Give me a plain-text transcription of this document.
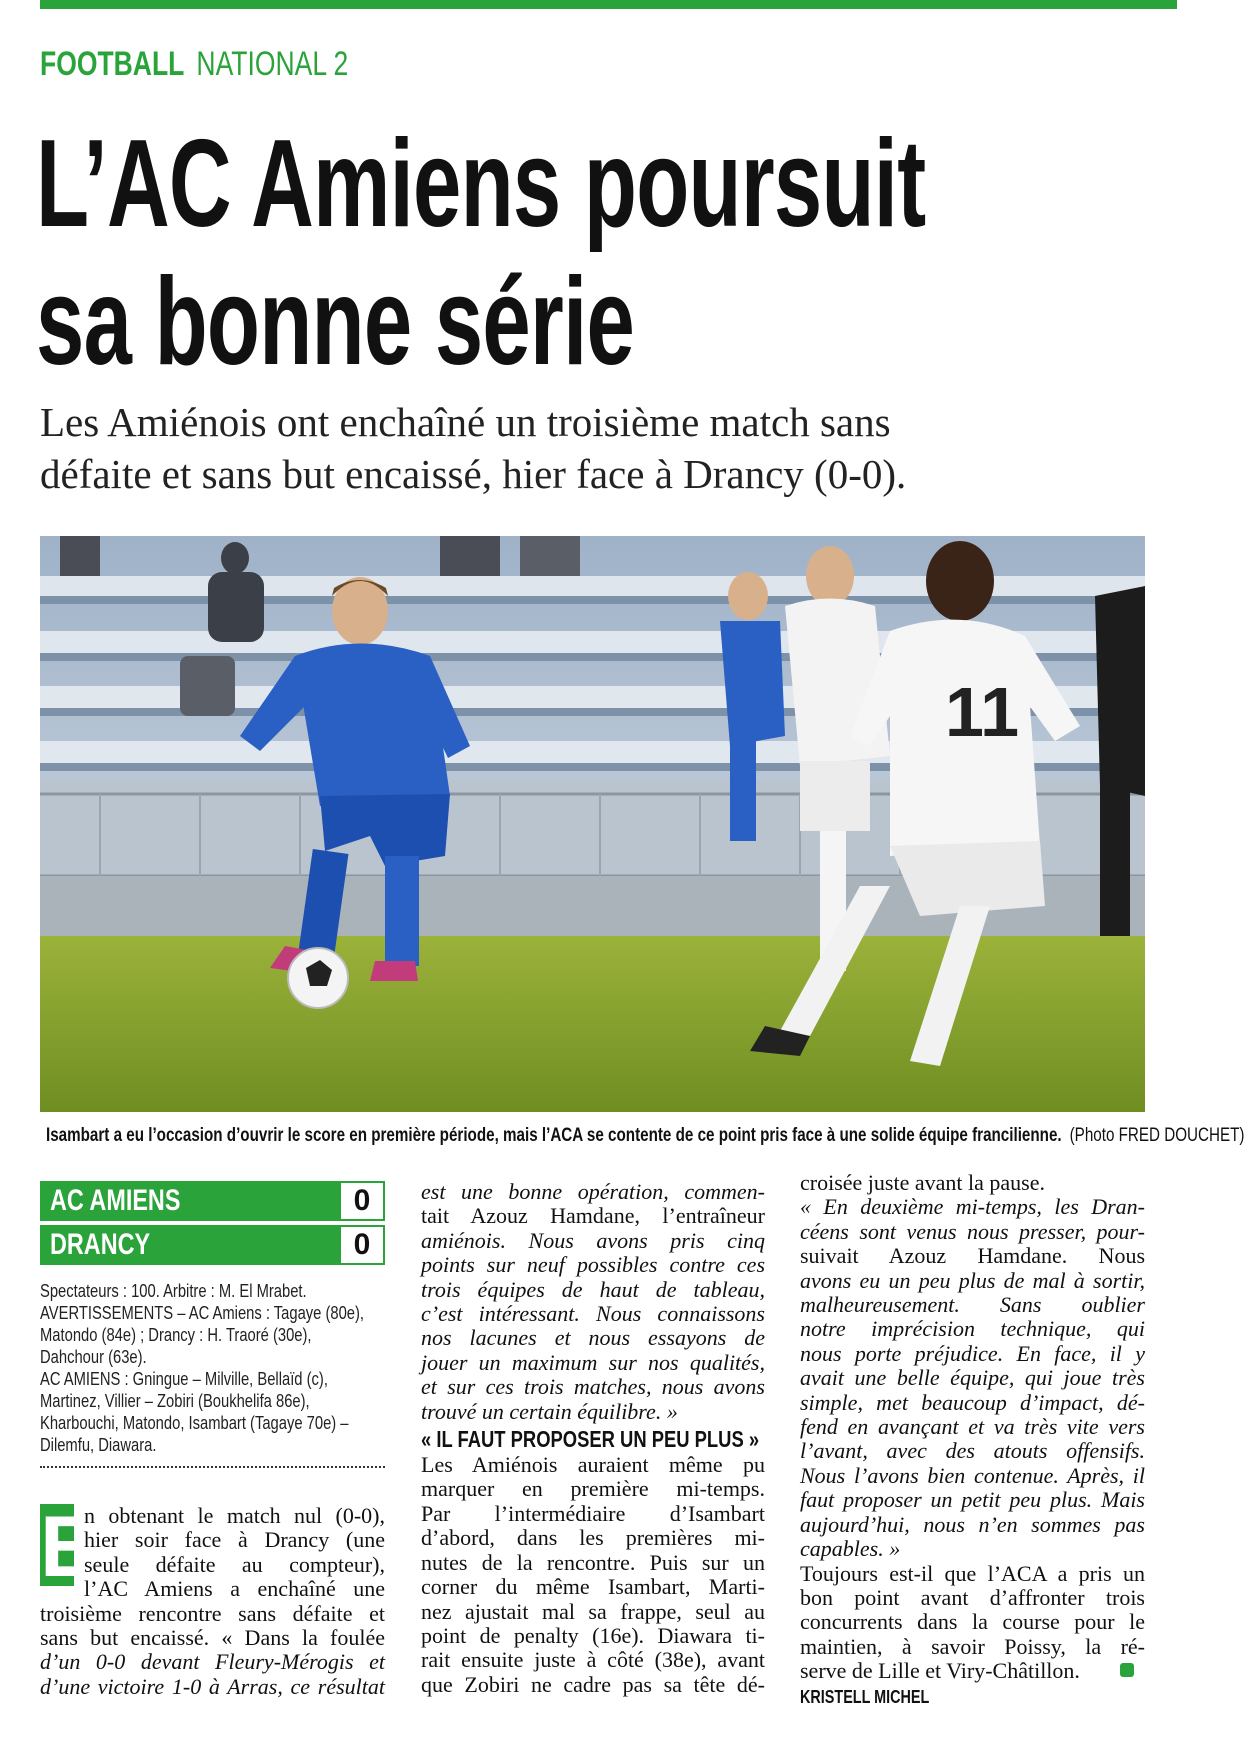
FOOTBALL NATIONAL 2
L’AC Amiens poursuit
sa bonne série
Les Amiénois ont enchaîné un troisième match sans
défaite et sans but encaissé, hier face à Drancy (0-0).
11
Isambart a eu l’occasion d’ouvrir le score en première période, mais l’ACA se contente de ce point pris face à une solide équipe francilienne. (Photo FRED DOUCHET)
AC AMIENS	0
DRANCY	0
Spectateurs : 100. Arbitre : M. El Mrabet.
AVERTISSEMENTS – AC Amiens : Tagaye (80e),
Matondo (84e) ; Drancy : H. Traoré (30e),
Dahchour (63e).
AC AMIENS : Gningue – Milville, Bellaïd (c),
Martinez, Villier – Zobiri (Boukhelifa 86e),
Kharbouchi, Matondo, Isambart (Tagaye 70e) –
Dilemfu, Diawara.
E
n obtenant le match nul (0-0),
hier soir face à Drancy (une
seule défaite au compteur),
l’AC Amiens a enchaîné une
troisième rencontre sans défaite et
sans but encaissé. « Dans la foulée
d’un 0-0 devant Fleury-Mérogis et
d’une victoire 1-0 à Arras, ce résultat
est une bonne opération, commen-
tait Azouz Hamdane, l’entraîneur
amiénois. Nous avons pris cinq
points sur neuf possibles contre ces
trois équipes de haut de tableau,
c’est intéressant. Nous connaissons
nos lacunes et nous essayons de
jouer un maximum sur nos qualités,
et sur ces trois matches, nous avons
trouvé un certain équilibre. »
« IL FAUT PROPOSER UN PEU PLUS »
Les Amiénois auraient même pu
marquer en première mi-temps.
Par l’intermédiaire d’Isambart
d’abord, dans les premières mi-
nutes de la rencontre. Puis sur un
corner du même Isambart, Marti-
nez ajustait mal sa frappe, seul au
point de penalty (16e). Diawara ti-
rait ensuite juste à côté (38e), avant
que Zobiri ne cadre pas sa tête dé-
croisée juste avant la pause.
« En deuxième mi-temps, les Dran-
céens sont venus nous presser, pour-
suivait Azouz Hamdane. Nous
avons eu un peu plus de mal à sortir,
malheureusement. Sans oublier
notre imprécision technique, qui
nous porte préjudice. En face, il y
avait une belle équipe, qui joue très
simple, met beaucoup d’impact, dé-
fend en avançant et va très vite vers
l’avant, avec des atouts offensifs.
Nous l’avons bien contenue. Après, il
faut proposer un petit peu plus. Mais
aujourd’hui, nous n’en sommes pas
capables. »
Toujours est-il que l’ACA a pris un
bon point avant d’affronter trois
concurrents dans la course pour le
maintien, à savoir Poissy, la ré-
serve de Lille et Viry-Châtillon.
KRISTELL MICHEL
